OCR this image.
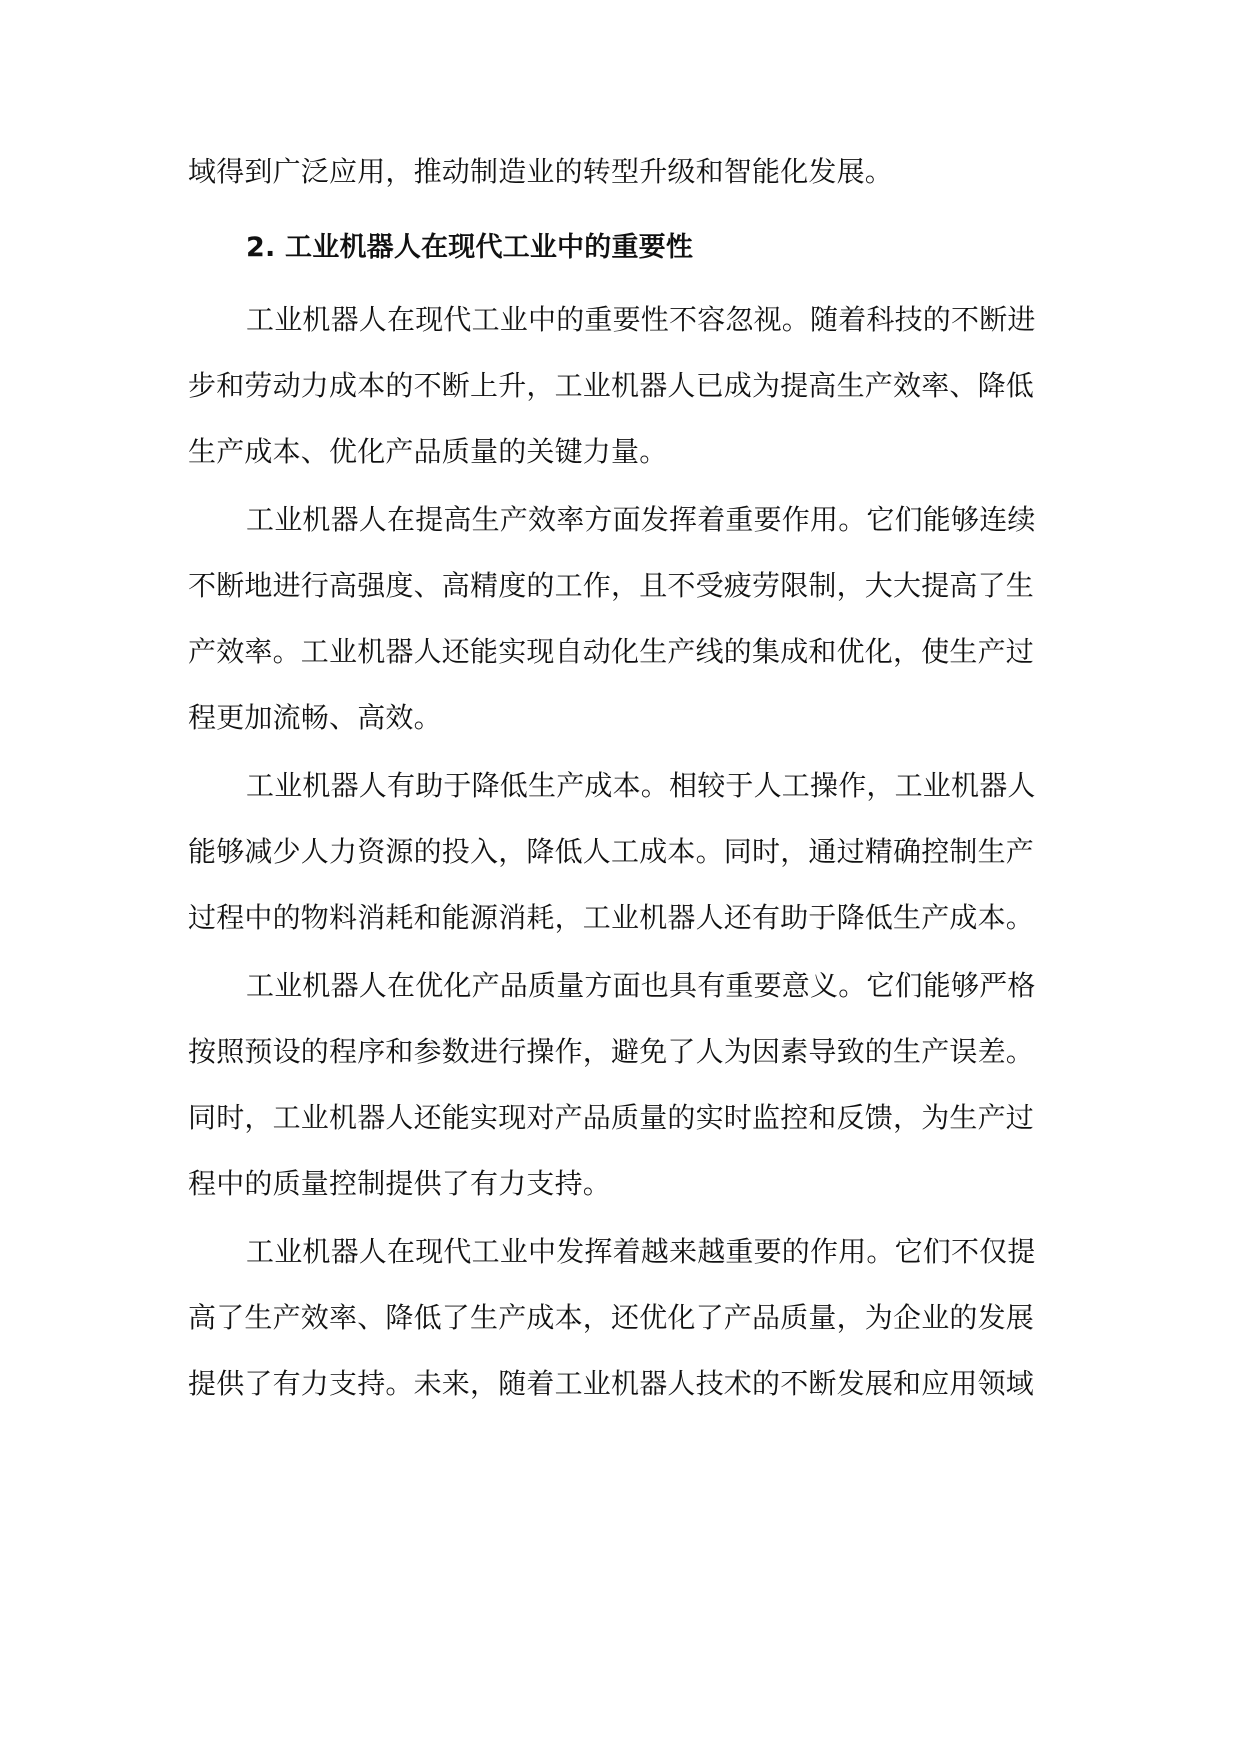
域得到广泛应用，推动制造业的转型升级和智能化发展。
2. 工业机器人在现代工业中的重要性
工业机器人在现代工业中的重要性不容忽视。随着科技的不断进
步和劳动力成本的不断上升，工业机器人已成为提高生产效率、降低
生产成本、优化产品质量的关键力量。
工业机器人在提高生产效率方面发挥着重要作用。它们能够连续
不断地进行高强度、高精度的工作，且不受疲劳限制，大大提高了生
产效率。工业机器人还能实现自动化生产线的集成和优化，使生产过
程更加流畅、高效。
工业机器人有助于降低生产成本。相较于人工操作，工业机器人
能够减少人力资源的投入，降低人工成本。同时，通过精确控制生产
过程中的物料消耗和能源消耗，工业机器人还有助于降低生产成本。
工业机器人在优化产品质量方面也具有重要意义。它们能够严格
按照预设的程序和参数进行操作，避免了人为因素导致的生产误差。
同时，工业机器人还能实现对产品质量的实时监控和反馈，为生产过
程中的质量控制提供了有力支持。
工业机器人在现代工业中发挥着越来越重要的作用。它们不仅提
高了生产效率、降低了生产成本，还优化了产品质量，为企业的发展
提供了有力支持。未来，随着工业机器人技术的不断发展和应用领域
